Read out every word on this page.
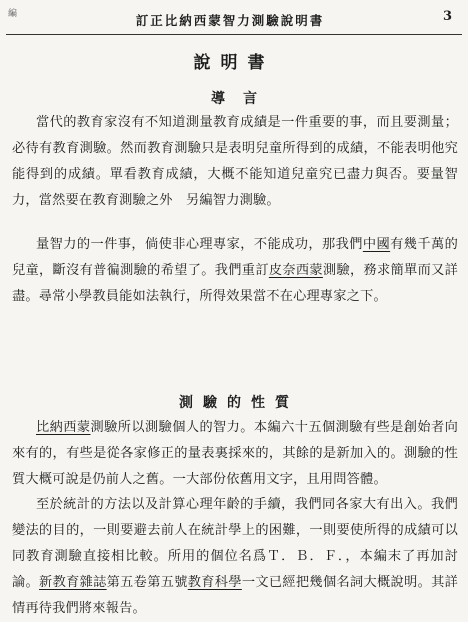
編	訂正比納西蒙智力測驗說明書	3
說明書
導言

當代的教育家沒有不知道測量教育成績是一件重要的事，而且要測量；必待有教育測驗。然而教育測驗只是表明兒童所得到的成績，不能表明他究能得到的成績。單看教育成績，大概不能知道兒童究已盡力與否。要量智力，當然要在教育測驗之外　另編智力測驗。

量智力的一件事，倘使非心理專家，不能成功，那我們中國有幾千萬的兒童，斷沒有普徧測驗的希望了。我們重訂皮奈西蒙測驗，務求簡單而又詳盡。尋常小學教員能如法執行，所得效果當不在心理專家之下。

測驗的性質

比納西蒙測驗所以測驗個人的智力。本編六十五個測驗有些是創始者向來有的，有些是從各家修正的量表裏採來的，其餘的是新加入的。測驗的性質大概可說是仍前人之舊。一大部份依舊用文字，且用問答體。

至於統計的方法以及計算心理年齡的手續，我們同各家大有出入。我們變法的目的，一則要避去前人在統計學上的困難，一則要使所得的成績可以同教育測驗直接相比較。所用的個位名爲Ｔ．Ｂ．Ｆ．，本編末了再加討論。新教育雜誌第五卷第五號教育科學一文已經把幾個名詞大概說明。其詳情再待我們將來報告。
